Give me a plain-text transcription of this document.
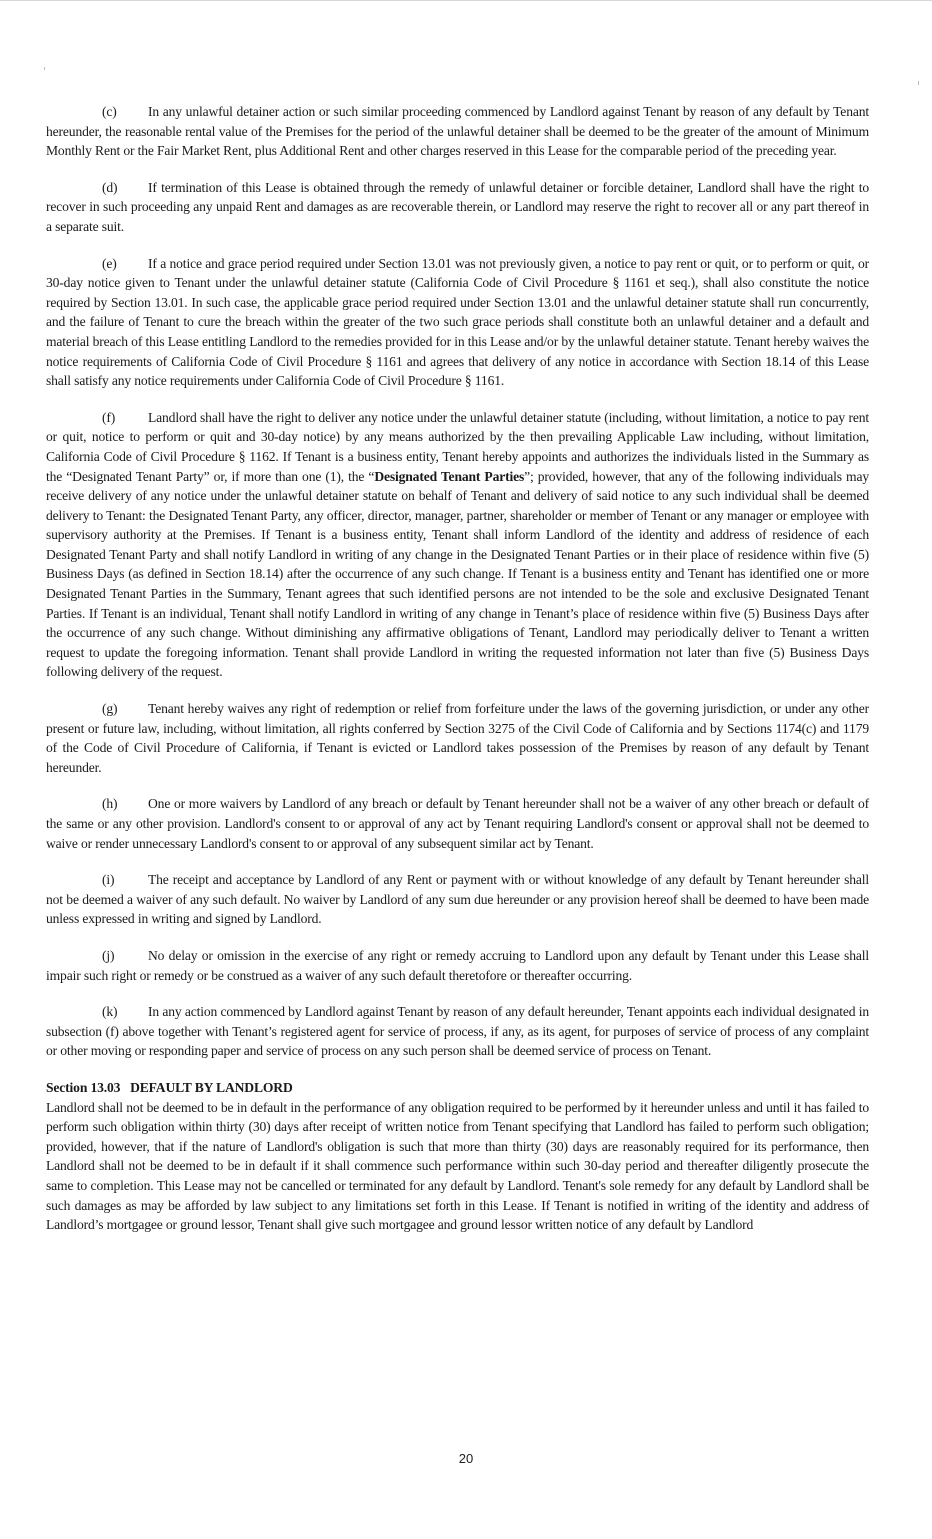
(c) In any unlawful detainer action or such similar proceeding commenced by Landlord against Tenant by reason of any default by Tenant hereunder, the reasonable rental value of the Premises for the period of the unlawful detainer shall be deemed to be the greater of the amount of Minimum Monthly Rent or the Fair Market Rent, plus Additional Rent and other charges reserved in this Lease for the comparable period of the preceding year.

(d) If termination of this Lease is obtained through the remedy of unlawful detainer or forcible detainer, Landlord shall have the right to recover in such proceeding any unpaid Rent and damages as are recoverable therein, or Landlord may reserve the right to recover all or any part thereof in a separate suit.

(e) If a notice and grace period required under Section 13.01 was not previously given, a notice to pay rent or quit, or to perform or quit, or 30-day notice given to Tenant under the unlawful detainer statute (California Code of Civil Procedure § 1161 et seq.), shall also constitute the notice required by Section 13.01. In such case, the applicable grace period required under Section 13.01 and the unlawful detainer statute shall run concurrently, and the failure of Tenant to cure the breach within the greater of the two such grace periods shall constitute both an unlawful detainer and a default and material breach of this Lease entitling Landlord to the remedies provided for in this Lease and/or by the unlawful detainer statute. Tenant hereby waives the notice requirements of California Code of Civil Procedure § 1161 and agrees that delivery of any notice in accordance with Section 18.14 of this Lease shall satisfy any notice requirements under California Code of Civil Procedure § 1161.

(f) Landlord shall have the right to deliver any notice under the unlawful detainer statute (including, without limitation, a notice to pay rent or quit, notice to perform or quit and 30-day notice) by any means authorized by the then prevailing Applicable Law including, without limitation, California Code of Civil Procedure § 1162. If Tenant is a business entity, Tenant hereby appoints and authorizes the individuals listed in the Summary as the “Designated Tenant Party” or, if more than one (1), the “Designated Tenant Parties”; provided, however, that any of the following individuals may receive delivery of any notice under the unlawful detainer statute on behalf of Tenant and delivery of said notice to any such individual shall be deemed delivery to Tenant: the Designated Tenant Party, any officer, director, manager, partner, shareholder or member of Tenant or any manager or employee with supervisory authority at the Premises. If Tenant is a business entity, Tenant shall inform Landlord of the identity and address of residence of each Designated Tenant Party and shall notify Landlord in writing of any change in the Designated Tenant Parties or in their place of residence within five (5) Business Days (as defined in Section 18.14) after the occurrence of any such change. If Tenant is a business entity and Tenant has identified one or more Designated Tenant Parties in the Summary, Tenant agrees that such identified persons are not intended to be the sole and exclusive Designated Tenant Parties. If Tenant is an individual, Tenant shall notify Landlord in writing of any change in Tenant’s place of residence within five (5) Business Days after the occurrence of any such change. Without diminishing any affirmative obligations of Tenant, Landlord may periodically deliver to Tenant a written request to update the foregoing information. Tenant shall provide Landlord in writing the requested information not later than five (5) Business Days following delivery of the request.

(g) Tenant hereby waives any right of redemption or relief from forfeiture under the laws of the governing jurisdiction, or under any other present or future law, including, without limitation, all rights conferred by Section 3275 of the Civil Code of California and by Sections 1174(c) and 1179 of the Code of Civil Procedure of California, if Tenant is evicted or Landlord takes possession of the Premises by reason of any default by Tenant hereunder.

(h) One or more waivers by Landlord of any breach or default by Tenant hereunder shall not be a waiver of any other breach or default of the same or any other provision. Landlord's consent to or approval of any act by Tenant requiring Landlord's consent or approval shall not be deemed to waive or render unnecessary Landlord's consent to or approval of any subsequent similar act by Tenant.

(i) The receipt and acceptance by Landlord of any Rent or payment with or without knowledge of any default by Tenant hereunder shall not be deemed a waiver of any such default. No waiver by Landlord of any sum due hereunder or any provision hereof shall be deemed to have been made unless expressed in writing and signed by Landlord.

(j) No delay or omission in the exercise of any right or remedy accruing to Landlord upon any default by Tenant under this Lease shall impair such right or remedy or be construed as a waiver of any such default theretofore or thereafter occurring.

(k) In any action commenced by Landlord against Tenant by reason of any default hereunder, Tenant appoints each individual designated in subsection (f) above together with Tenant’s registered agent for service of process, if any, as its agent, for purposes of service of process of any complaint or other moving or responding paper and service of process on any such person shall be deemed service of process on Tenant.

Section 13.03   DEFAULT BY LANDLORD

Landlord shall not be deemed to be in default in the performance of any obligation required to be performed by it hereunder unless and until it has failed to perform such obligation within thirty (30) days after receipt of written notice from Tenant specifying that Landlord has failed to perform such obligation; provided, however, that if the nature of Landlord's obligation is such that more than thirty (30) days are reasonably required for its performance, then Landlord shall not be deemed to be in default if it shall commence such performance within such 30-day period and thereafter diligently prosecute the same to completion. This Lease may not be cancelled or terminated for any default by Landlord. Tenant's sole remedy for any default by Landlord shall be such damages as may be afforded by law subject to any limitations set forth in this Lease. If Tenant is notified in writing of the identity and address of Landlord’s mortgagee or ground lessor, Tenant shall give such mortgagee and ground lessor written notice of any default by Landlord

20
